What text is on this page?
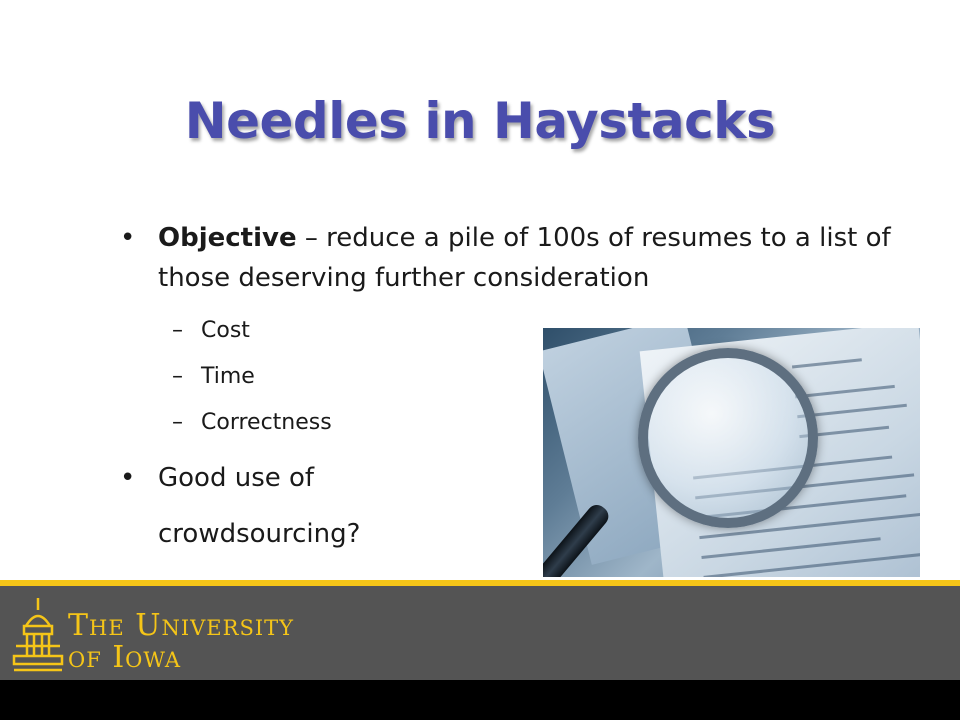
Needles in Haystacks
• Objective – reduce a pile of 100s of resumes to a list of those deserving further consideration
– Cost
– Time
– Correctness
• Good use of
crowdsourcing?
The University
of Iowa
